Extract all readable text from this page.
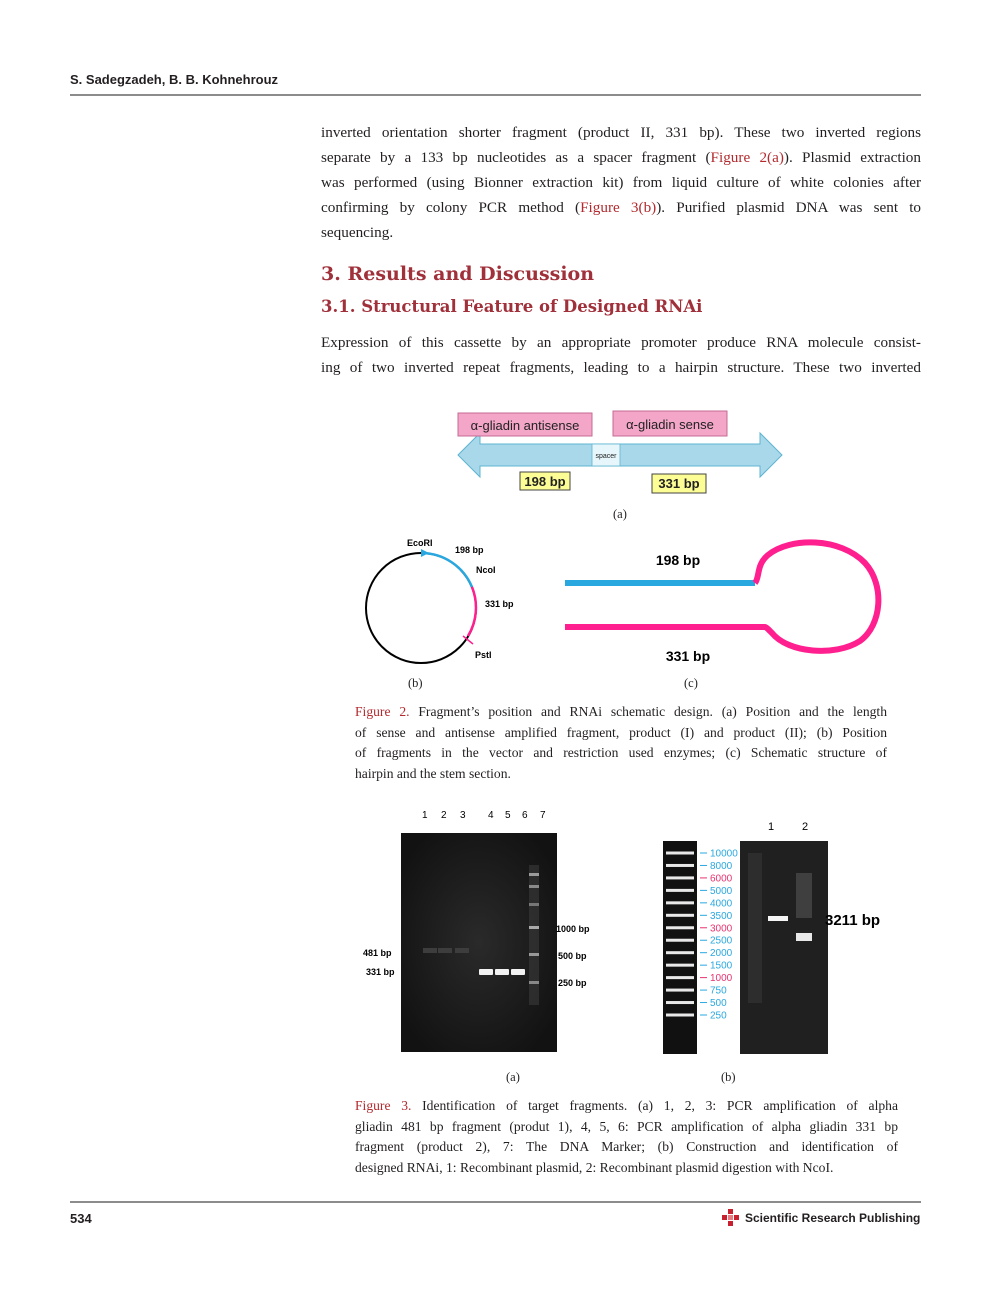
S. Sadegzadeh, B. B. Kohnehrouz
inverted orientation shorter fragment (product II, 331 bp). These two inverted regions
separate by a 133 bp nucleotides as a spacer fragment (Figure 2(a)). Plasmid extraction
was performed (using Bionner extraction kit) from liquid culture of white colonies after
confirming by colony PCR method (Figure 3(b)). Purified plasmid DNA was sent to
sequencing.
3. Results and Discussion
3.1. Structural Feature of Designed RNAi
Expression of this cassette by an appropriate promoter produce RNA molecule consist-
ing of two inverted repeat fragments, leading to a hairpin structure. These two inverted
spacer
α-gliadin antisense	α-gliadin sense
198 bp	331 bp
(a)
EcoRI
198 bp
NcoI
331 bp
PstI
(b)
198 bp
331 bp
(c)
Figure 2. Fragment’s position and RNAi schematic design. (a) Position and the length
of sense and antisense amplified fragment, product (I) and product (II); (b) Position
of fragments in the vector and restriction used enzymes; (c) Schematic structure of
hairpin and the stem section.
1 2 3 4 5 6 7
481 bp
331 bp
1000 bp
500 bp
250 bp
(a)
10000
8000
6000
5000
4000
3500
3000
2500
2000
1500
1000
750
500
250
1	2
3211 bp
(b)
Figure 3. Identification of target fragments. (a) 1, 2, 3: PCR amplification of alpha
gliadin 481 bp fragment (produt 1), 4, 5, 6: PCR amplification of alpha gliadin 331 bp
fragment (product 2), 7: The DNA Marker; (b) Construction and identification of
designed RNAi, 1: Recombinant plasmid, 2: Recombinant plasmid digestion with NcoI.
534	Scientific Research Publishing
